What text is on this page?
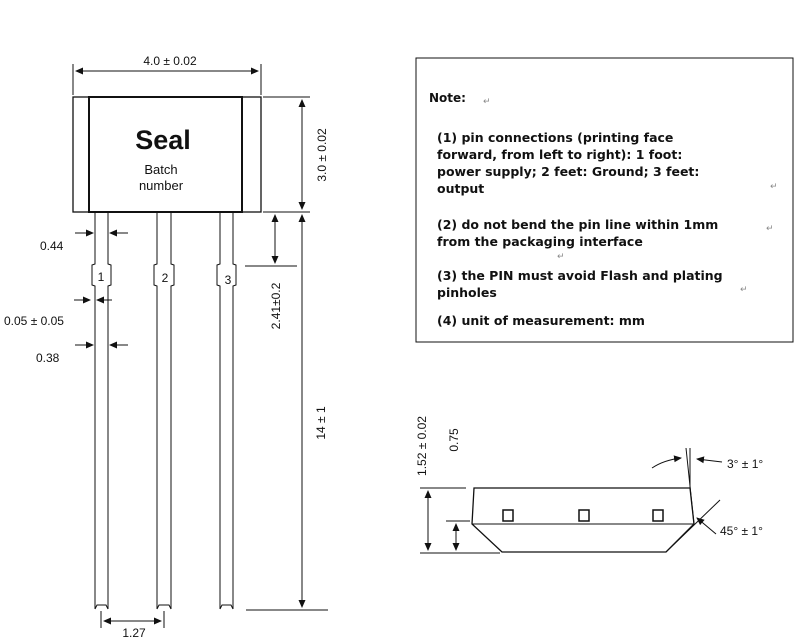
4.0 ± 0.02
3.0 ± 0.02
Seal
Batch
number
1	2	3
0.44
0.05 ± 0.05
0.38
2.41±0.2
14 ± 1
1.27
Note: ↵
(1) pin connections (printing face
forward, from left to right): 1 foot:
power supply; 2 feet: Ground; 3 feet:
output	↵
(2) do not bend the pin line within 1mm
from the packaging interface
↵
↵
(3) the PIN must avoid Flash and plating
pinholes	↵
(4) unit of measurement: mm
1.52 ± 0.02 0.75
3° ± 1°
45° ± 1°
